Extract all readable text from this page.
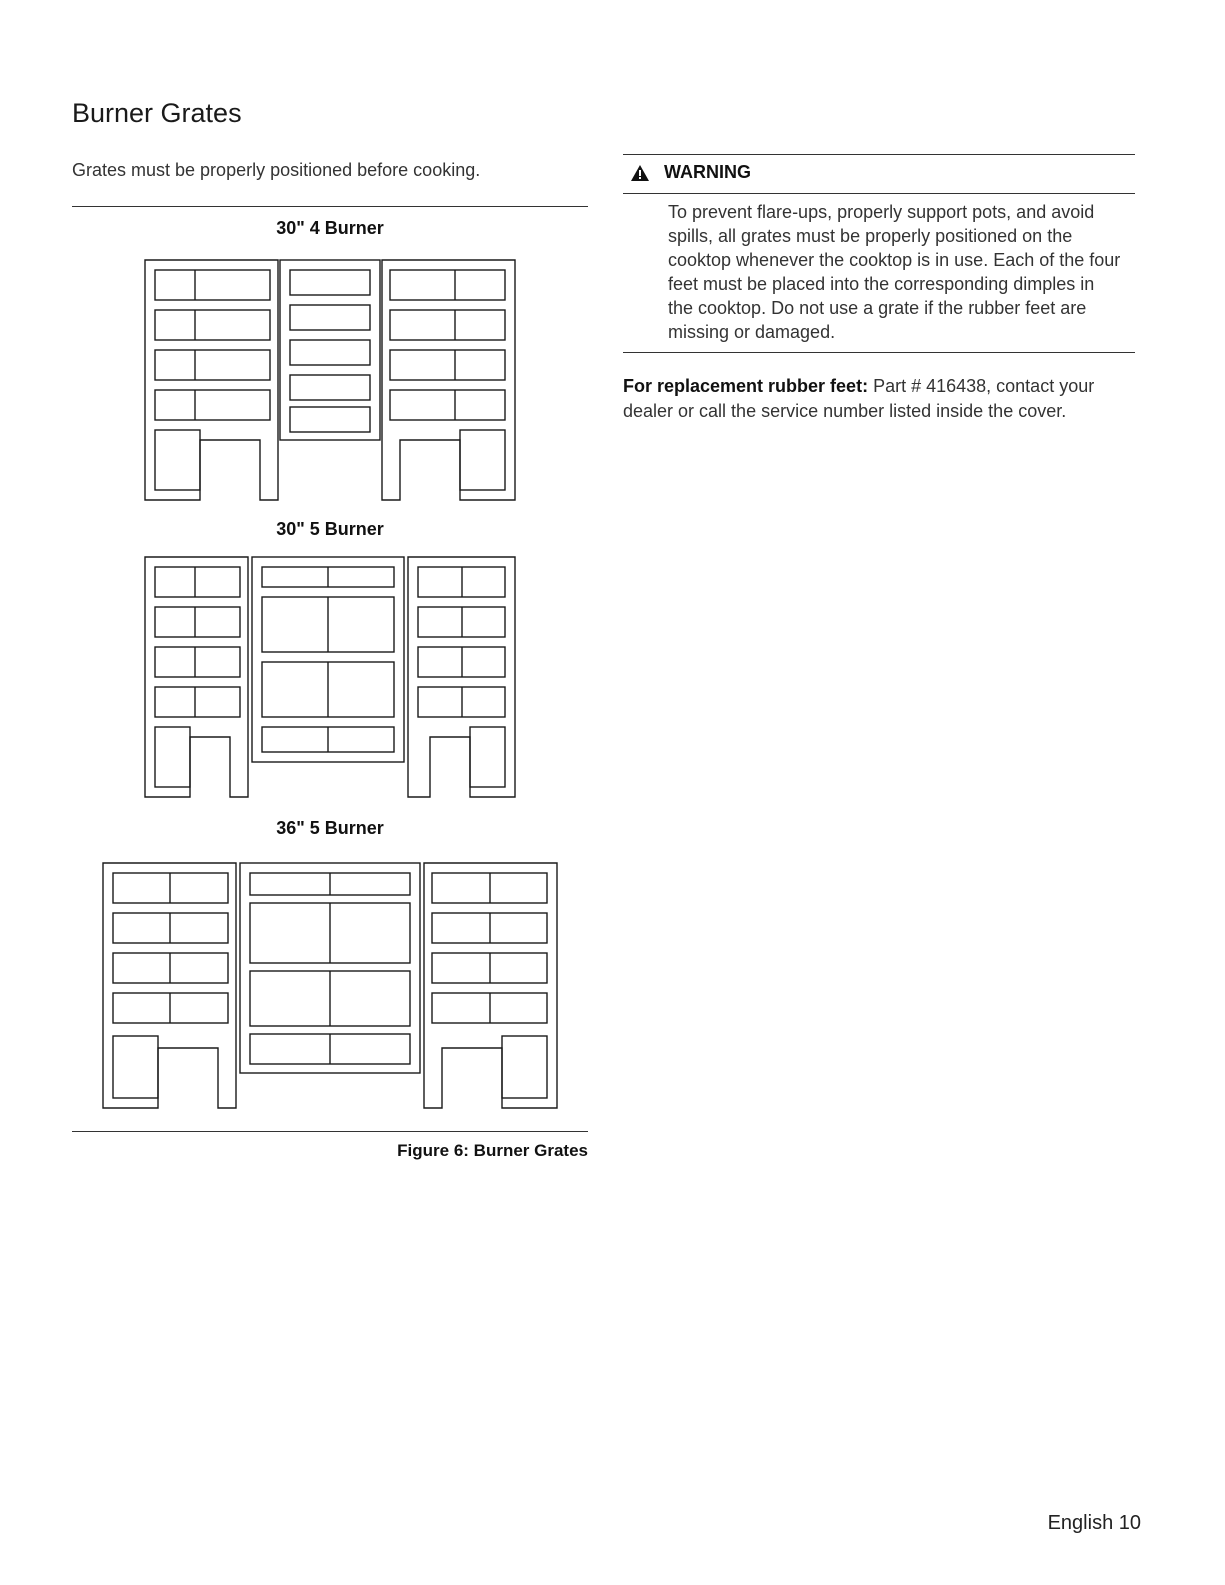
Burner Grates
Grates must be properly positioned before cooking.
30" 4 Burner
30" 5 Burner
36" 5 Burner
Figure 6: Burner Grates
WARNING
To prevent flare-ups, properly support pots, and avoid spills, all grates must be properly positioned on the cooktop whenever the cooktop is in use. Each of the four feet must be placed into the corresponding dimples in the cooktop. Do not use a grate if the rubber feet are missing or damaged.
For replacement rubber feet: Part # 416438, contact your dealer or call the service number listed inside the cover.
English 10
